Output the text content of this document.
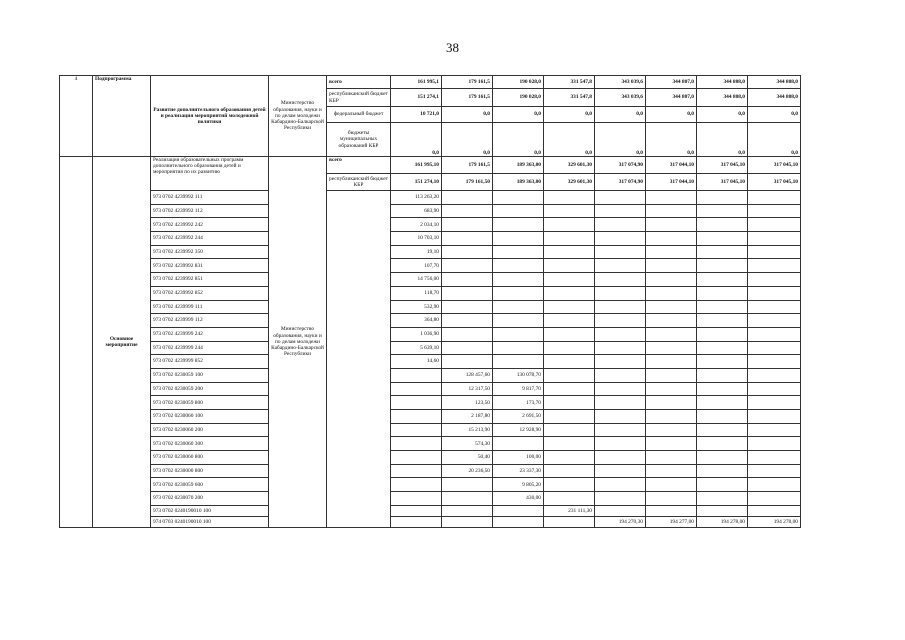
38
4	Подпрограмма	Развитие дополнительного образования детей и реализация мероприятий молодежной политики	Министерство образования, науки и по делам молодежи Кабардино-Балкарской Республики	всего	161 995,1	179 161,5	190 028,0	331 547,8	343 039,6	344 807,0	344 808,0	344 808,0
				республиканский бюджет КБР	151 274,1	179 161,5	190 028,0	331 547,8	343 039,6	344 807,0	344 808,0	344 808,0
				федеральный бюджет	10 721,0	0,0	0,0	0,0	0,0	0,0	0,0	0,0
				бюджеты муниципальных образований КБР	0,0	0,0	0,0	0,0	0,0	0,0	0,0	0,0
	Основное мероприятие	Реализация образовательных программ дополнительного образования детей и мероприятия по их развитию	Министерство образования, науки и по делам молодежи Кабардино-Балкарской Республики	всего	161 995,10	179 161,5	189 363,00	329 601,30	317 074,90	317 044,10	317 045,10	317 045,10
				республиканский бюджет КБР	151 274,10	179 161,50	189 363,00	329 601,30	317 074,90	317 044,10	317 045,10	317 045,10
		973 0702 4239992 111			113 263,20							
		973 0702 4239992 112			683,90							
		973 0702 4239992 242			2 034,10							
		973 0702 4239992 244			10 703,10							
		973 0702 4239992 350			19,10							
		973 0702 4239992 831			107,70							
		973 0702 4239992 851			14 756,00							
		973 0702 4239992 852			118,70							
		973 0702 4239999 111			532,90							
		973 0702 4239999 112			364,80							
		973 0702 4239999 242			1 036,90							
		973 0702 4239999 244			5 639,10							
		973 0702 4239999 852			14,60							
		973 0702 0230059 100				128 457,60	130 078,70					
		973 0702 0230059 200				12 317,50	9 817,70					
		973 0702 0230059 800				123,50	173,70					
		973 0702 0230060 100				2 187,80	2 691,50					
		973 0702 0230060 200				15 213,90	12 928,90					
		973 0702 0230060 300				574,30						
		973 0702 0230060 800				50,40	100,00					
		973 0702 0230000 800				20 236,50	23 337,30					
		973 0702 0230059 600					9 805,20					
		973 0702 0230070 200					430,00					
		973 0702 0240190010 100						231 111,30				
		974 0703 0240190010 100							194 270,30	194 277,00	194 278,00	194 278,00
